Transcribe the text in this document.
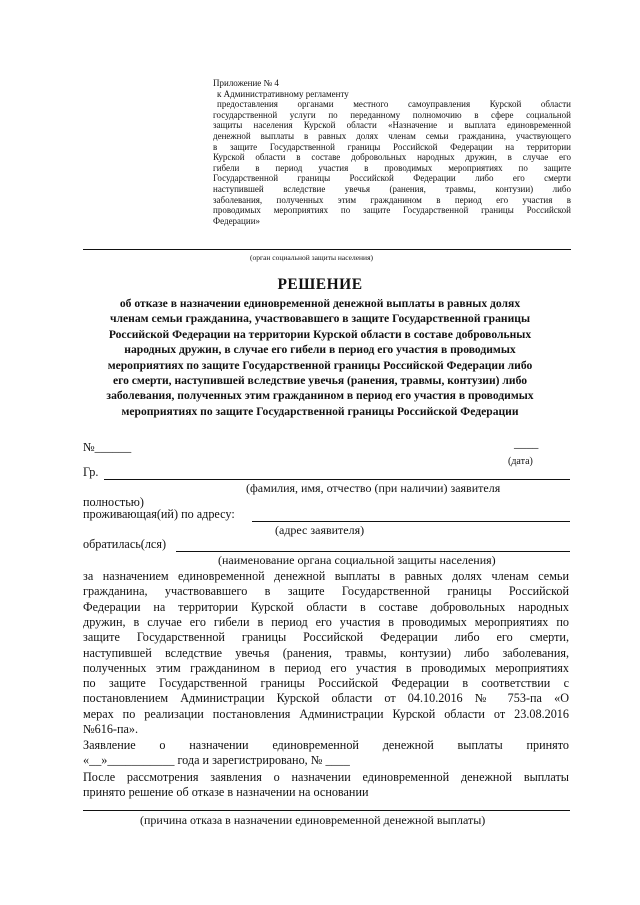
Приложение № 4
к Административному регламенту
предоставления органами местного самоуправления Курской области
государственной услуги по переданному полномочию в сфере социальной
защиты населения Курской области «Назначение и выплата единовременной
денежной выплаты в равных долях членам семьи гражданина, участвующего
в защите Государственной границы Российской Федерации на территории
Курской области в составе добровольных народных дружин, в случае его
гибели в период участия в проводимых мероприятиях по защите
Государственной границы Российской Федерации либо его смерти
наступившей вследствие увечья (ранения, травмы, контузии) либо
заболевания, полученных этим гражданином в период его участия в
проводимых мероприятиях по защите Государственной границы Российской
Федерации»
(орган социальной защиты населения)
РЕШЕНИЕ
об отказе в назначении единовременной денежной выплаты в равных долях
членам семьи гражданина, участвовавшего в защите Государственной границы
Российской Федерации на территории Курской области в составе добровольных
народных дружин, в случае его гибели в период его участия в проводимых
мероприятиях по защите Государственной границы Российской Федерации либо
его смерти, наступившей вследствие увечья (ранения, травмы, контузии) либо
заболевания, полученных этим гражданином в период его участия в проводимых
мероприятиях по защите Государственной границы Российской Федерации
№______	____
(дата)
Гр.
(фамилия, имя, отчество (при наличии) заявителя
полностью)
проживающая(ий) по адресу:
(адрес заявителя)
обратилась(лся)
(наименование органа социальной защиты населения)
за назначением единовременной денежной выплаты в равных долях членам семьи
гражданина, участвовавшего в защите Государственной границы Российской
Федерации на территории Курской области в составе добровольных народных
дружин, в случае его гибели в период его участия в проводимых мероприятиях по
защите Государственной границы Российской Федерации либо его смерти,
наступившей вследствие увечья (ранения, травмы, контузии) либо заболевания,
полученных этим гражданином в период его участия в проводимых мероприятиях
по защите Государственной границы Российской Федерации в соответствии с
постановлением Администрации Курской области от 04.10.2016 № 753-па «О
мерах по реализации постановления Администрации Курской области от 23.08.2016
№616-па».
Заявление о назначении единовременной денежной выплаты принято
«__»___________ года и зарегистрировано, № ____
После рассмотрения заявления о назначении единовременной денежной выплаты
принято решение об отказе в назначении на основании
(причина отказа в назначении единовременной денежной выплаты)
